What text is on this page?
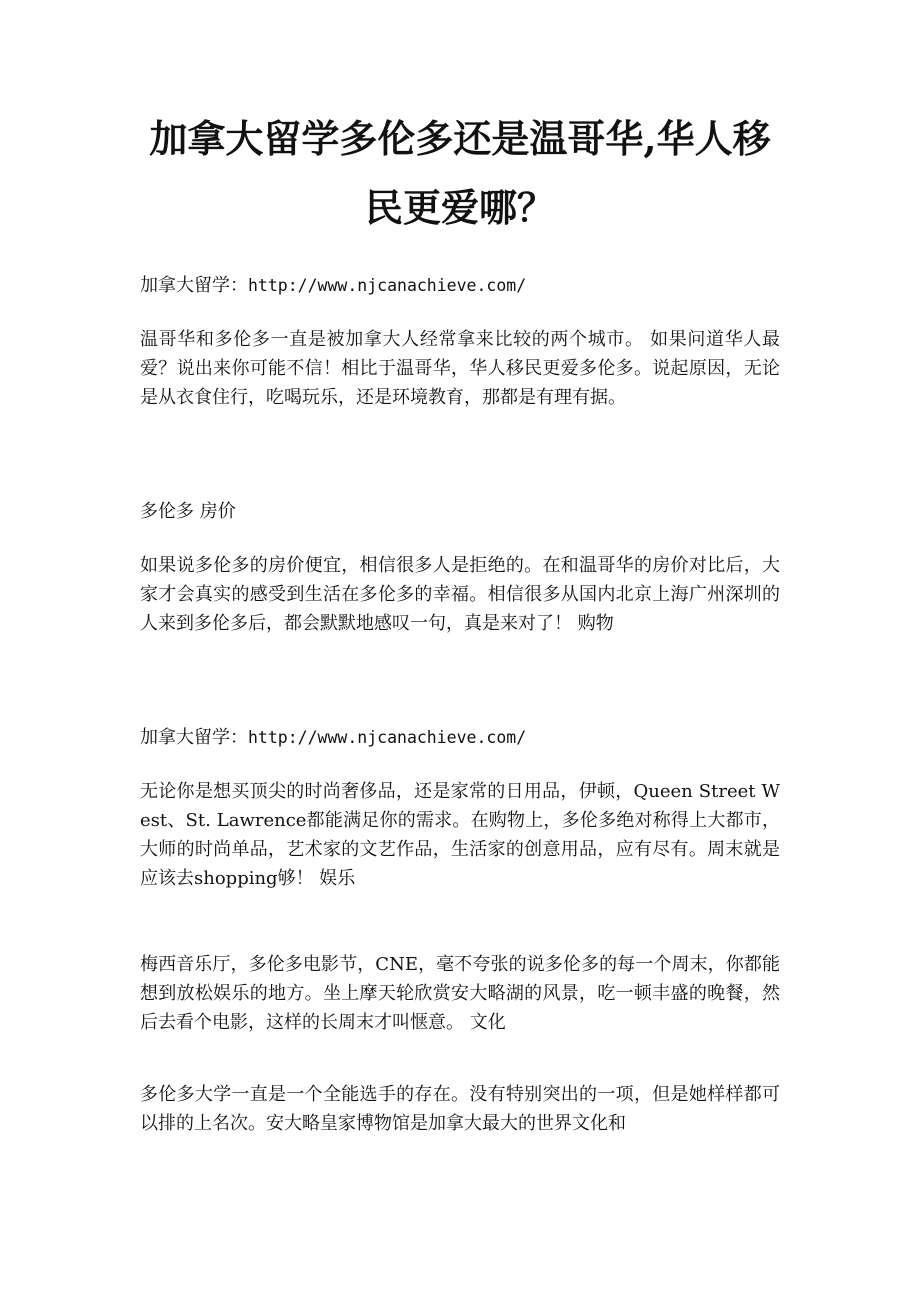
加拿大留学多伦多还是温哥华,华人移
民更爱哪？

加拿大留学：http://www.njcanachieve.com/

温哥华和多伦多一直是被加拿大人经常拿来比较的两个城市。 如果问道华人最爱？说出来你可能不信！相比于温哥华，华人移民更爱多伦多。说起原因，无论是从衣食住行，吃喝玩乐，还是环境教育，那都是有理有据。

多伦多 房价

如果说多伦多的房价便宜，相信很多人是拒绝的。在和温哥华的房价对比后，大家才会真实的感受到生活在多伦多的幸福。相信很多从国内北京上海广州深圳的人来到多伦多后，都会默默地感叹一句，真是来对了！ 购物

加拿大留学：http://www.njcanachieve.com/

无论你是想买顶尖的时尚奢侈品，还是家常的日用品，伊顿，Queen Street West、St. Lawrence都能满足你的需求。在购物上，多伦多绝对称得上大都市，大师的时尚单品，艺术家的文艺作品，生活家的创意用品，应有尽有。周末就是应该去shopping够！ 娱乐

梅西音乐厅，多伦多电影节，CNE，毫不夸张的说多伦多的每一个周末，你都能想到放松娱乐的地方。坐上摩天轮欣赏安大略湖的风景，吃一顿丰盛的晚餐，然后去看个电影，这样的长周末才叫惬意。 文化

多伦多大学一直是一个全能选手的存在。没有特别突出的一项，但是她样样都可以排的上名次。安大略皇家博物馆是加拿大最大的世界文化和
